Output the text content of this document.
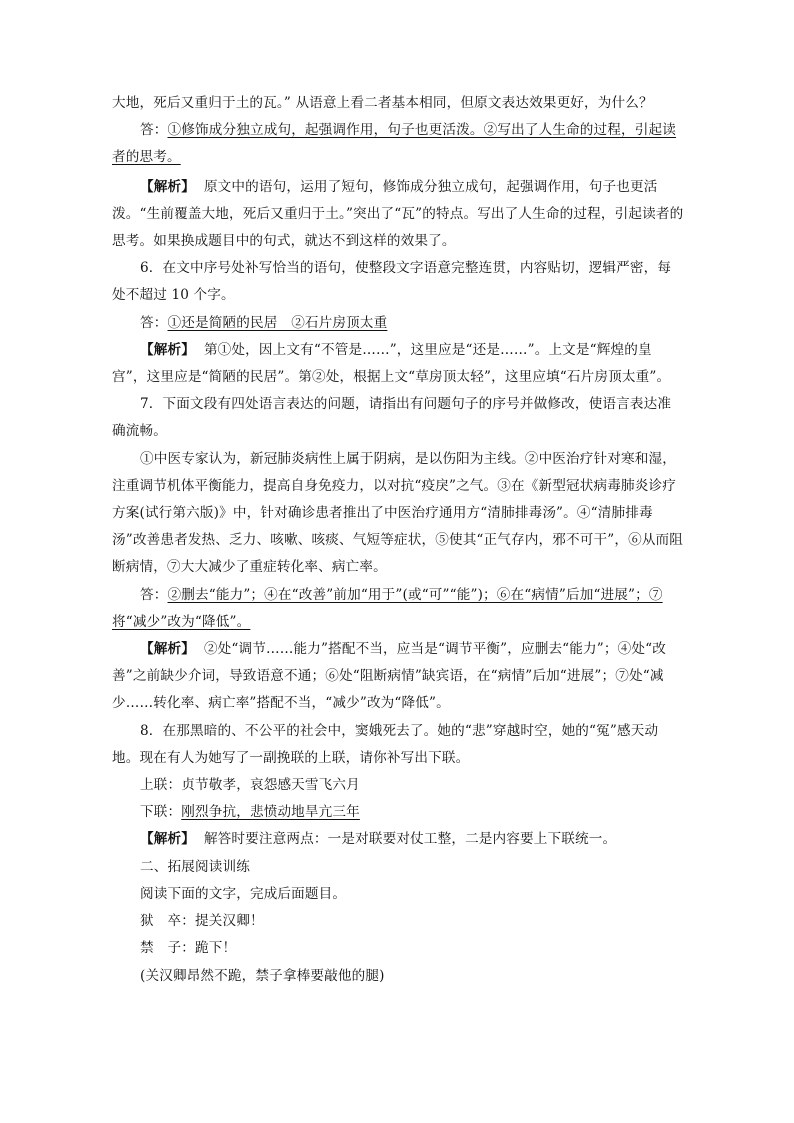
大地，死后又重归于土的瓦。” 从语意上看二者基本相同，但原文表达效果更好，为什么？

答：①修饰成分独立成句，起强调作用，句子也更活泼。②写出了人生命的过程，引起读者的思考。

【解析】 原文中的语句，运用了短句，修饰成分独立成句，起强调作用，句子也更活泼。“生前覆盖大地，死后又重归于土。”突出了“瓦”的特点。写出了人生命的过程，引起读者的思考。如果换成题目中的句式，就达不到这样的效果了。

6．在文中序号处补写恰当的语句，使整段文字语意完整连贯，内容贴切，逻辑严密，每处不超过 10 个字。

答：①还是简陋的民居　②石片房顶太重

【解析】 第①处，因上文有“不管是……”，这里应是“还是……”。上文是“辉煌的皇宫”，这里应是“简陋的民居”。第②处，根据上文“草房顶太轻”，这里应填“石片房顶太重”。

7．下面文段有四处语言表达的问题，请指出有问题句子的序号并做修改，使语言表达准确流畅。

①中医专家认为，新冠肺炎病性上属于阴病，是以伤阳为主线。②中医治疗针对寒和湿，注重调节机体平衡能力，提高自身免疫力，以对抗“疫戾”之气。③在《新型冠状病毒肺炎诊疗方案(试行第六版)》中，针对确诊患者推出了中医治疗通用方“清肺排毒汤”。④“清肺排毒汤”改善患者发热、乏力、咳嗽、咳痰、气短等症状，⑤使其“正气存内，邪不可干”，⑥从而阻断病情，⑦大大减少了重症转化率、病亡率。

答：②删去“能力”；④在“改善”前加“用于”(或“可”“能”)；⑥在“病情”后加“进展”；⑦将“减少”改为“降低”。

【解析】 ②处“调节……能力”搭配不当，应当是“调节平衡”，应删去“能力”；④处“改善”之前缺少介词，导致语意不通；⑥处“阻断病情”缺宾语，在“病情”后加“进展”；⑦处“减少……转化率、病亡率”搭配不当，“减少”改为“降低”。

8．在那黑暗的、不公平的社会中，窦娥死去了。她的“悲”穿越时空，她的“冤”感天动地。现在有人为她写了一副挽联的上联，请你补写出下联。

上联：贞节敬孝，哀怨感天雪飞六月

下联：刚烈争抗，悲愤动地旱亢三年

【解析】 解答时要注意两点：一是对联要对仗工整，二是内容要上下联统一。

二、拓展阅读训练

阅读下面的文字，完成后面题目。

狱　卒：提关汉卿！

禁　子：跪下！

(关汉卿昂然不跪，禁子拿棒要敲他的腿)
